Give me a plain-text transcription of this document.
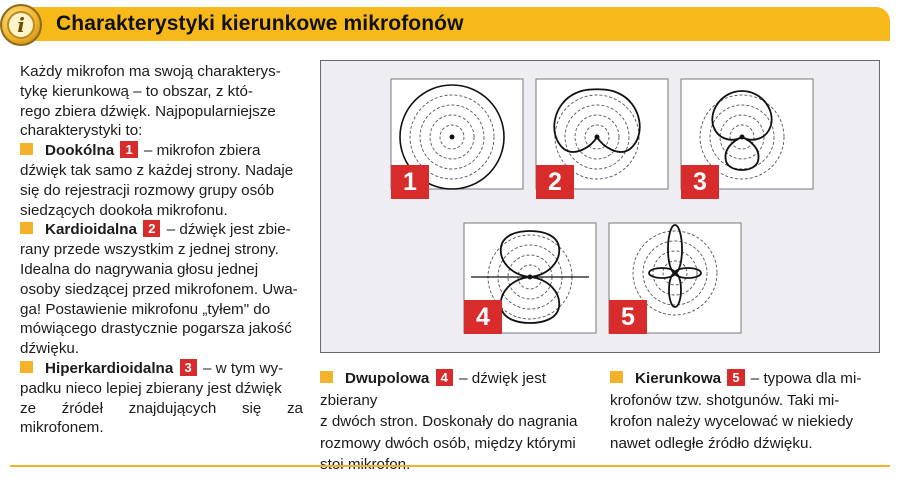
i	Charakterystyki kierunkowe mikrofonów

Każdy mikrofon ma swoją charakterys-
tykę kierunkową – to obszar, z któ-
rego zbiera dźwięk. Najpopularniejsze
charakterystyki to:

Dookólna 1 – mikrofon zbiera
dźwięk tak samo z każdej strony. Nadaje
się do rejestracji rozmowy grupy osób
siedzących dookoła mikrofonu.

Kardioidalna 2 – dźwięk jest zbie-
rany przede wszystkim z jednej strony.
Idealna do nagrywania głosu jednej
osoby siedzącej przed mikrofonem. Uwa-
ga! Postawienie mikrofonu „tyłem" do
mówiącego drastycznie pogarsza jakość
dźwięku.

Hiperkardioidalna 3 – w tym wy-
padku nieco lepiej zbierany jest dźwięk
ze źródeł znajdujących się za mikrofonem.

1	2	3
4	5
Dwupolowa 4 – dźwięk jest zbierany
z dwóch stron. Doskonały do nagrania
rozmowy dwóch osób, między którymi

Kierunkowa 5 – typowa dla mi-
krofonów tzw. shotgunów. Taki mi-
krofon należy wycelować w niekiedy
nawet odległe źródło dźwięku.
